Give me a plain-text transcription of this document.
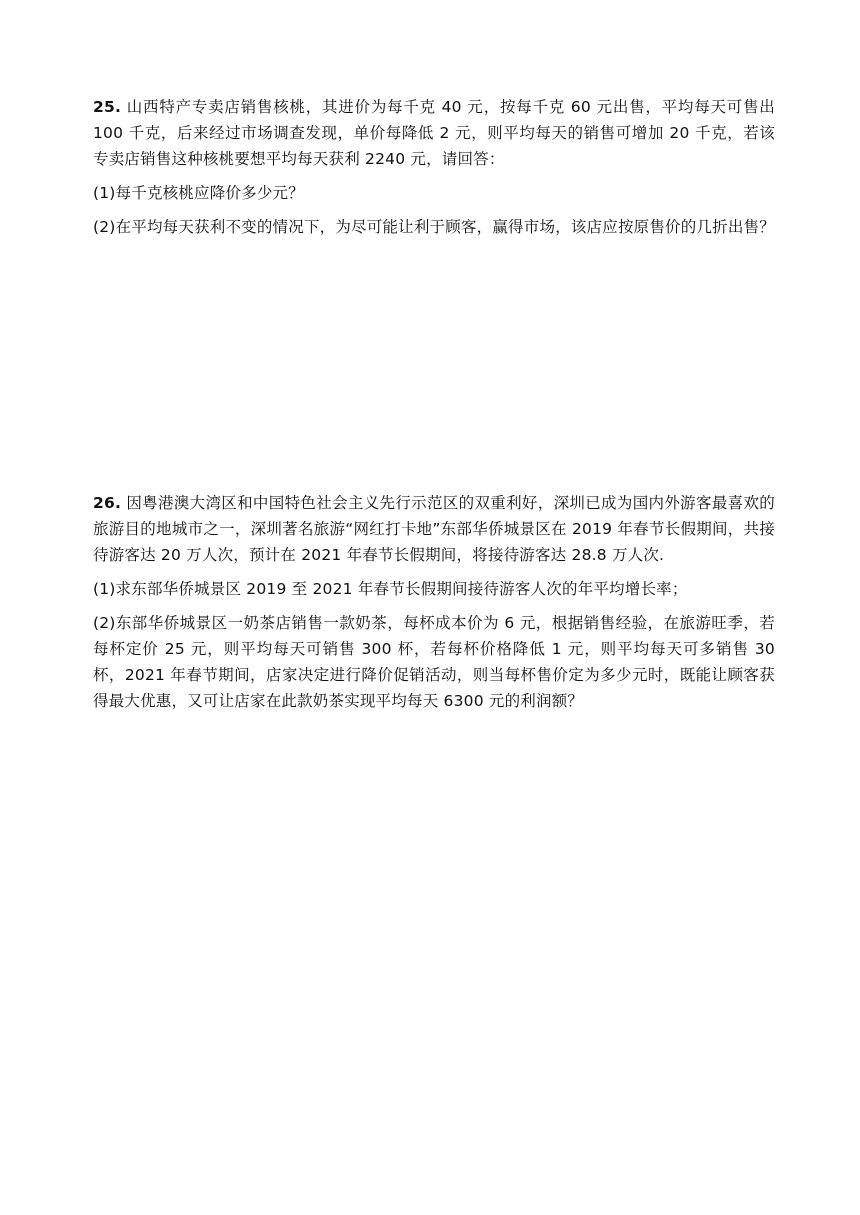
25. 山西特产专卖店销售核桃，其进价为每千克 40 元，按每千克 60 元出售，平均每天可售出 100 千克，后来经过市场调查发现，单价每降低 2 元，则平均每天的销售可增加 20 千克，若该专卖店销售这种核桃要想平均每天获利 2240 元，请回答：

(1)每千克核桃应降价多少元？

(2)在平均每天获利不变的情况下，为尽可能让利于顾客，赢得市场，该店应按原售价的几折出售？

26. 因粤港澳大湾区和中国特色社会主义先行示范区的双重利好，深圳已成为国内外游客最喜欢的旅游目的地城市之一，深圳著名旅游“网红打卡地”东部华侨城景区在 2019 年春节长假期间，共接待游客达 20 万人次，预计在 2021 年春节长假期间，将接待游客达 28.8 万人次.

(1)求东部华侨城景区 2019 至 2021 年春节长假期间接待游客人次的年平均增长率；

(2)东部华侨城景区一奶茶店销售一款奶茶，每杯成本价为 6 元，根据销售经验，在旅游旺季，若每杯定价 25 元，则平均每天可销售 300 杯，若每杯价格降低 1 元，则平均每天可多销售 30 杯，2021 年春节期间，店家决定进行降价促销活动，则当每杯售价定为多少元时，既能让顾客获得最大优惠，又可让店家在此款奶茶实现平均每天 6300 元的利润额？
